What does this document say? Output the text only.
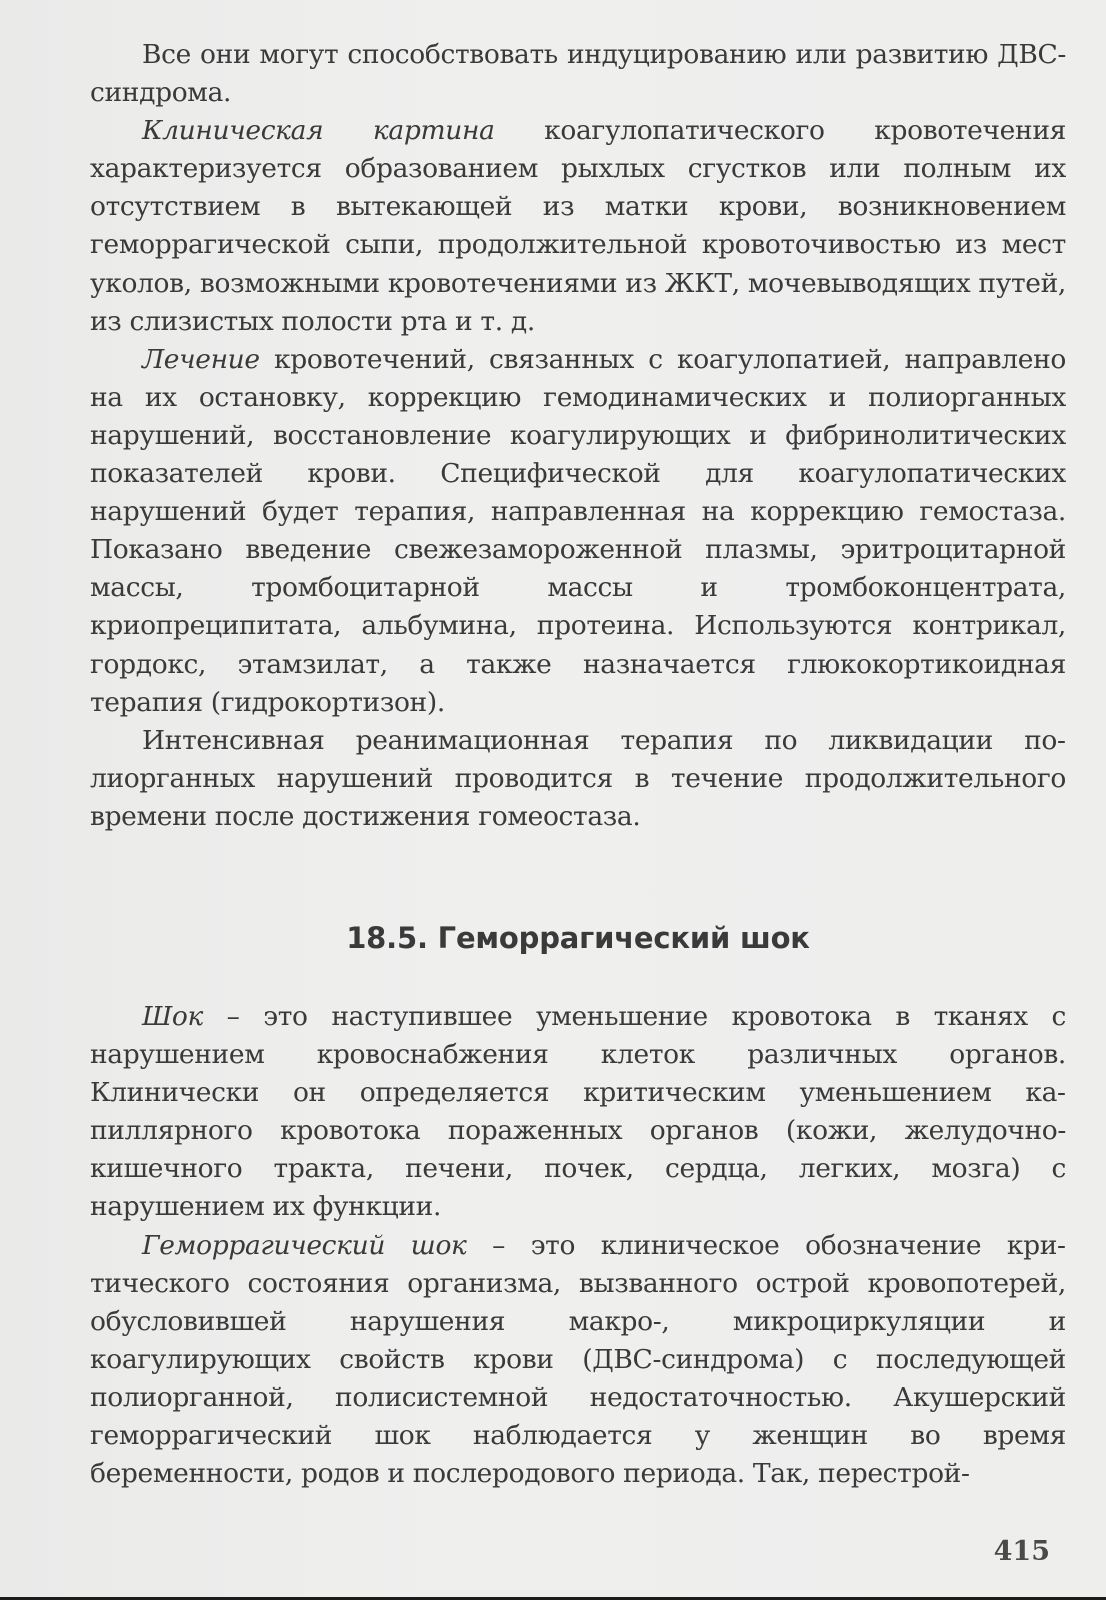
Все они могут способствовать индуцированию или развитию ДВС-синдрома.

Клиническая картина коагулопатического кровотечения характеризуется образованием рыхлых сгустков или полным их отсутствием в вытекающей из матки крови, возникновением геморрагической сыпи, продолжительной кровоточивостью из мест уколов, возможными кровотечениями из ЖКТ, мочевыводящих путей, из слизистых полости рта и т. д.

Лечение кровотечений, связанных с коагулопатией, направлено на их остановку, коррекцию гемодинамических и полиорганных нарушений, восстановление коагулирующих и фибринолитических показателей крови. Специфической для коагулопатических нарушений будет терапия, направленная на коррекцию гемостаза. Показано введение свежезамороженной плазмы, эритроцитарной массы, тромбоцитарной массы и тромбоконцентрата, криопреципитата, альбумина, протеина. Используются контрикал, гордокс, этамзилат, а также назначается глюкокортикоидная терапия (гидрокортизон).

Интенсивная реанимационная терапия по ликвидации полиорганных нарушений проводится в течение продолжительного времени после достижения гомеостаза.

18.5. Геморрагический шок

Шок – это наступившее уменьшение кровотока в тканях с нарушением кровоснабжения клеток различных органов. Клинически он определяется критическим уменьшением капиллярного кровотока пораженных органов (кожи, желудочно-кишечного тракта, печени, почек, сердца, легких, мозга) с нарушением их функции.

Геморрагический шок – это клиническое обозначение критического состояния организма, вызванного острой кровопотерей, обусловившей нарушения макро-, микроциркуляции и коагулирующих свойств крови (ДВС-синдрома) с последующей полиорганной, полисистемной недостаточностью. Акушерский геморрагический шок наблюдается у женщин во время беременности, родов и послеродового периода. Так, перестрой-

415
